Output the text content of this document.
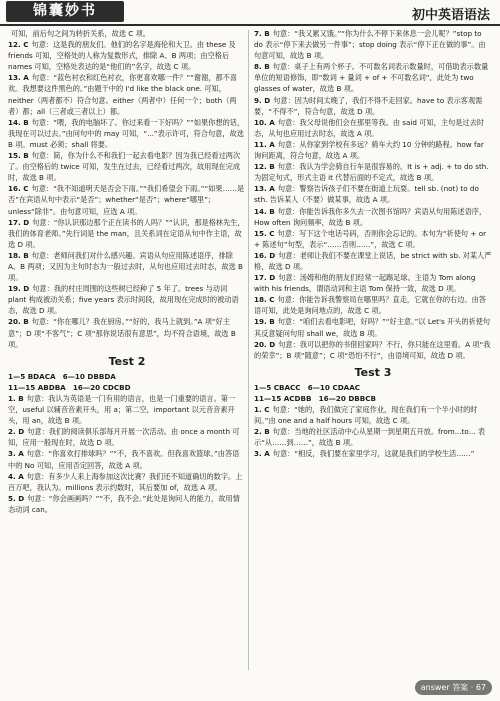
锦囊妙书	初中英语语法

可知，前后句之间为转折关系，故选 C 项。

12. C 句意：这是我的朋友们。他们的名字是海伦和大卫。由 these 及 friends 可知，空格处的人称为复数形式，排除 A、B 两项；由空格后 names 可知，空格处表达的是“他们的”名字，故选 C 项。

13. A 句意：“蓝色衬衣和红色衬衣，你更喜欢哪一件？”“谢谢，都不喜欢。我想要这件黑色的。”由题干中的 I'd like the black one. 可知，neither（两者都不）符合句意。either（两者中）任何一个；both（两者）都；all（三者或三者以上）都。

14. B 句意：“喂，我的电脑坏了。你过来看一下好吗？”“如果你想的话，我现在可以过去。”由问句中的 may 可知，“...”表示许可，符合句意，故选 B 项。must 必须；shall 将要。

15. B 句意：简，你为什么不和我们一起去看电影？因为我已经看过两次了。由空格后的 twice 可知，发生在过去，已经看过两次，故用现在完成时，故选 B 项。

16. C 句意：“我不知道明天是否会下雨。”“我们希望会下雨。”“如果……是否”在宾语从句中表示“是否”；whether“是否”；where“哪里”；unless“除非”。由句意可知，应选 A 项。

17. D 句意：“你认识那边那个正在读书的人吗？”“认识，那是格林先生，我们的体育老师。”先行词是 the man，且关系词在定语从句中作主语，故选 D 项。

18. B 句意：老师问我们对什么感兴趣。宾语从句应用陈述语序，排除 A、B 两项；又因为主句时态为一般过去时，从句也应用过去时态，故选 B 项。

19. D 句意：我的村庄周围的这些树已经种了 5 年了。trees 与动词 plant 构成被动关系；five years 表示时间段，故用现在完成时的被动语态，故选 D 项。

20. B 句意：“你在哪儿？我在厨房。”“好的，我马上就到。”A 项“好主意”；D 项“不客气”；C 项“那你说话很有意思”，均不符合语境，故选 B 项。

Test 2

1—5 BDACA　6—10 DBBDA

11—15 ABDBA　16—20 CDCBD

1. B 句意：我认为英语是一门有用的语言，也是一门重要的语言。第一空，useful 以辅音音素开头，用 a；第二空，important 以元音音素开头，用 an，故选 B 项。

2. D 句意：我们的阅读俱乐部每月开展一次活动。由 once a month 可知，应用一般现在时，故选 D 项。

3. A 句意：“你喜欢打排球吗？”“不，我不喜欢。但我喜欢篮球。”由答语中的 No 可知，应用否定回答，故选 A 项。

4. A 句意：有多少人来上海参加这次比赛？我们还不知道确切的数字。上百万吧，我认为。millions 表示约数时，其后要加 of，故选 A 项。

5. D 句意：“你会画画吗？”“不，我不会。”此处是询问人的能力，故用情态动词 can。

7. B 句意：“我又累又饿。”“你为什么不停下来休息一会儿呢？”stop to do 表示“停下来去做另一件事”；stop doing 表示“停下正在做的事”。由句意可知，故选 B 项。

8. B 句意：桌子上有两个杯子。不可数名词表示数量时，可借助表示数量单位的短语修饰，即“数词 + 量词 + of + 不可数名词”，此处为 two glasses of water，故选 B 项。

9. D 句意：因为时间太晚了，我们不得不走回家。have to 表示客观需要，“不得不”，符合句意，故选 D 项。

10. A 句意：我父母说他们会在那里等我。由 said 可知，主句是过去时态，从句也应用过去时态，故选 A 项。

11. A 句意：从你家到学校有多远？骑车大约 10 分钟的路程。how far 询问距离，符合句意，故选 A 项。

12. B 句意：我认为学会骑自行车是很容易的。It is + adj. + to do sth. 为固定句式，形式主语 it 代替后面的不定式，故选 B 项。

13. A 句意：警察告诉孩子们不要在街道上玩耍。tell sb. (not) to do sth. 告诉某人（不要）做某事，故选 A 项。

14. B 句意：你能告诉我你多久去一次图书馆吗？宾语从句用陈述语序，How often 询问频率，故选 B 项。

15. C 句意：写下这个电话号码，否则你会忘记的。本句为“祈使句 + or + 陈述句”句型，表示“……否则……”，故选 C 项。

16. D 句意：老师让我们不要在课堂上说话，be strict with sb. 对某人严格，故选 D 项。

17. D 句意：汤姆和他的朋友们经常一起踢足球。主语为 Tom along with his friends，谓语动词和主语 Tom 保持一致，故选 D 项。

18. C 句意：你能告诉我警察局在哪里吗？直走，它就在你的右边。由答语可知，此处是询问地点的，故选 C 项。

19. B 句意：“咱们去看电影吧，好吗？”“好主意。”以 Let's 开头的祈使句其反意疑问句用 shall we，故选 B 项。

20. D 句意：我可以把你的书借回家吗？不行，你只能在这里看。A 项“我的荣幸”；B 项“随意”；C 项“恐怕不行”，由语境可知，故选 D 项。

Test 3

1—5 CBACC　6—10 CDAAC

11—15 ACDBB　16—20 DBBCB

1. C 句意：“她的，我们做完了家庭作业，现在我们有一个半小时的时间。”由 one and a half hours 可知，故选 C 项。

2. B 句意：当地的社区活动中心从星期一到星期五开放。from...to... 表示“从……到……”，故选 B 项。

3. A 句意：“相反，我们要在家里学习，这就是我们的学校生活……”

answer 答案 · 67
